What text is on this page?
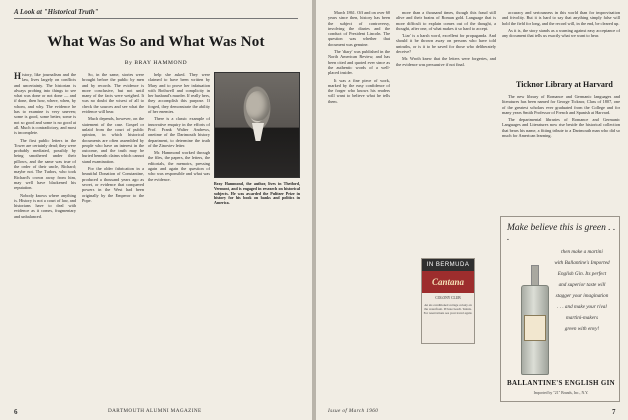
A Look at "Historical Truth"
What Was So and What Was Not
By BRAY HAMMOND

History, like journalism and the law, lives largely on conflicts and uncertainty. The historian is always probing into things to see what was done or not done — and if done, then how, where, when, by whom, and why. The evidence he has to examine is very uneven; some is good, some better, some is not so good and some is no good at all. Much is contradictory, and most is incomplete.

The first public letters in the Tower are certainly dead; they were probably mediated, possibly by being smothered under their pillows, and the same was true of the order of their uncle, Richard; maybe not. The Tudors, who took Richard's crown away from him, may well have blackened his reputation.

Nobody knows where anything is. History is not a court of law, and historians have to deal with evidence as it comes, fragmentary and unbalanced.

So, in the same, stories were brought before the public by men and by records. The evidence is more conclusive, but not until many of the facts were weighed. It was no doubt the wisest of all to check the sources and see what the evidence will bear.

Much depends, however, on the statement of the case. Gospel or unlaid from the court of public opinion, in which historical documents are often assembled by people who have an interest in the outcome, and the truth may be buried beneath claims which cannot stand examination.

For the older fabrication in a beautiful Donation of Constantine, produced a thousand years ago as secret, or evidence that conquered powers in the West had been originally by the Emperor to the Pope.

help she asked. They were claimed to have been written by Mary and to prove her infatuation with Bothwell and complicity in her husband's murder. If really hers, they accomplish this purpose. If forged, they demonstrate the ability of her enemies.

There is a classic example of innovative enquiry in the efforts of Prof. Frank Walter Andrews, onetime of the Dartmouth history department, to determine the truth of the Zinoviev letter.

Mr. Hammond worked through the files, the papers, the letters, the editorials, the memoirs, pressing again and again the question of who was responsible and what was the evidence.

Bray Hammond, the author, lives in Thetford, Vermont, and is engaged in research on historical subjects. He was awarded the Pulitzer Prize in history for his book on banks and politics in America.
6	DARTMOUTH ALUMNI MAGAZINE

March 1861. Off and on over 60 years since then, history has been the subject of controversy, involving the diaries and the conduct of President Lincoln. The question was whether that document was genuine.

The 'diary' was published in the North American Review, and has been cited and quoted ever since as the authentic words of a well-placed insider.

It was a fine piece of work, marked by the easy confidence of the forger who knows his readers will want to believe what he tells them.

more than a thousand times, though this fraud still alive and their brains of Roman gold. Language that is more difficult to explain comes out of the thought, a thought, after one, of what makes it so hard to accept.

'Liar' is a harsh word, excellent for propaganda. And should it be thrown away on persons who have told untruths, or is it to be saved for those who deliberately deceive?

Mr. Wroth knew that the letters were forgeries, and the evidence was persuasive if not final.

IN BERMUDA
Cantana
COLONY CLUB
An air-conditioned cottage colony on the waterfront. Private beach. Tennis. For reservations see your travel agent.

accuracy and seriousness in this world than for improvisation and frivolity. But it is hard to say that anything simply false will hold the field for long, and the record will, in the end, be cleared up.

As it is, the story stands as a warning against easy acceptance of any document that tells us exactly what we want to hear.

Ticknor Library at Harvard

The new library of Romance and Germanic languages and literatures has been named for George Ticknor, Class of 1807, one of the greatest scholars ever graduated from the College and for many years Smith Professor of French and Spanish at Harvard.

The departmental libraries of Romance and Germanic Languages and Literatures now rise beside the historical collection that bears his name, a fitting tribute to a Dartmouth man who did so much for American learning.

Make believe this is green . . .
then make a martini
with Ballantine's Imported
English Gin. Its perfect
and superior taste will
stagger your imagination
. . . and make your rival
martini-makers
green with envy!
BALLANTINE'S ENGLISH GIN
Imported by "21" Brands, Inc., N.Y.
Issue of March 1960	7
